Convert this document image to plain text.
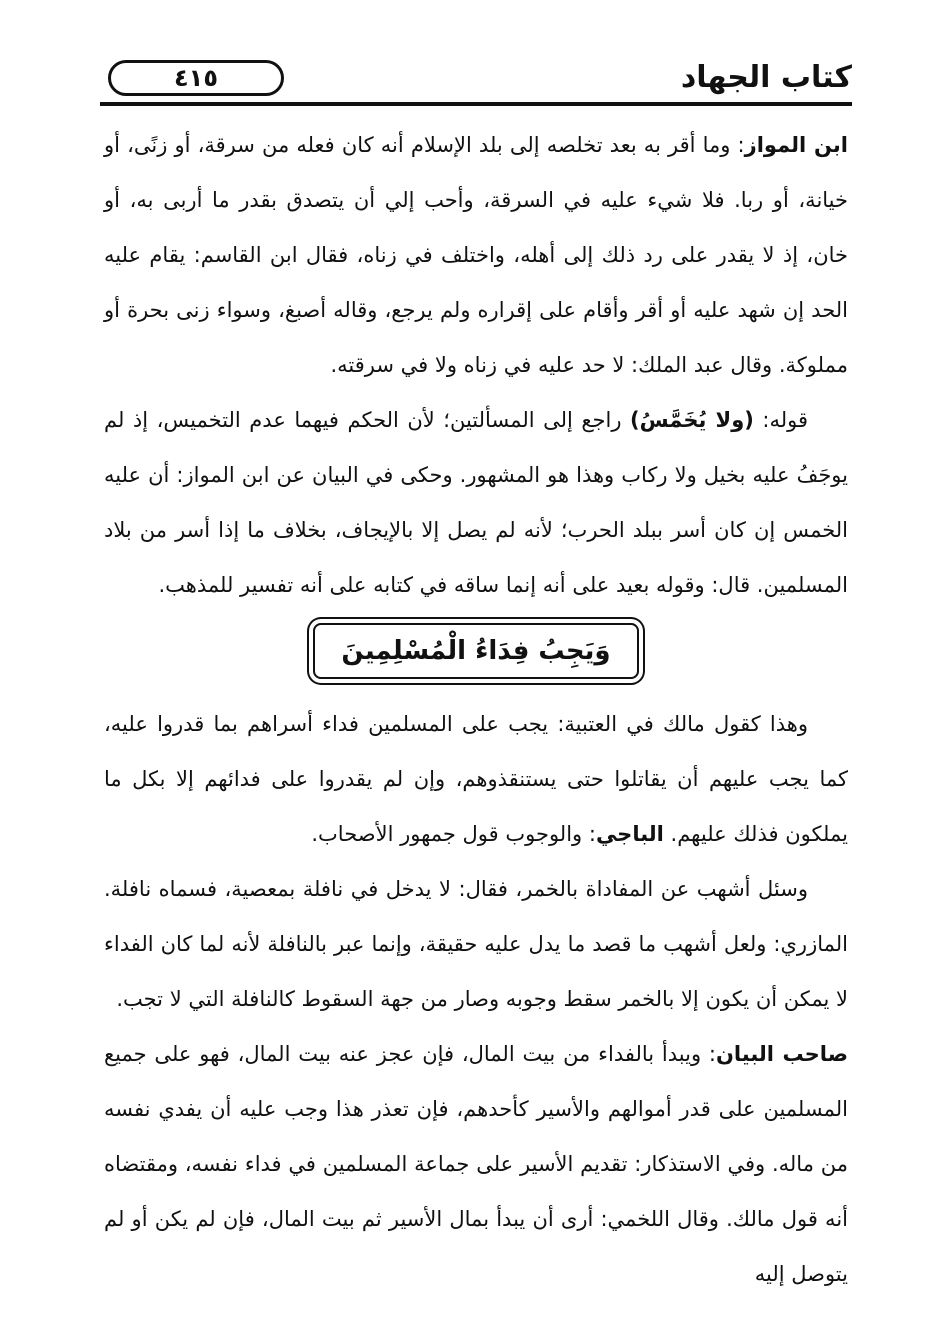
٤١٥	كتاب الجهاد

ابن المواز: وما أقر به بعد تخلصه إلى بلد الإسلام أنه كان فعله من سرقة، أو زنًى، أو خيانة، أو ربا. فلا شيء عليه في السرقة، وأحب إلي أن يتصدق بقدر ما أربى به، أو خان، إذ لا يقدر على رد ذلك إلى أهله، واختلف في زناه، فقال ابن القاسم: يقام عليه الحد إن شهد عليه أو أقر وأقام على إقراره ولم يرجع، وقاله أصبغ، وسواء زنى بحرة أو مملوكة. وقال عبد الملك: لا حد عليه في زناه ولا في سرقته.

قوله: (ولا يُخَمَّسُ) راجع إلى المسألتين؛ لأن الحكم فيهما عدم التخميس، إذ لم يوجَفُ عليه بخيل ولا ركاب وهذا هو المشهور. وحكى في البيان عن ابن المواز: أن عليه الخمس إن كان أسر ببلد الحرب؛ لأنه لم يصل إلا بالإيجاف، بخلاف ما إذا أسر من بلاد المسلمين. قال: وقوله بعيد على أنه إنما ساقه في كتابه على أنه تفسير للمذهب.

وَيَجِبُ فِدَاءُ الْمُسْلِمِينَ

وهذا كقول مالك في العتبية: يجب على المسلمين فداء أسراهم بما قدروا عليه، كما يجب عليهم أن يقاتلوا حتى يستنقذوهم، وإن لم يقدروا على فدائهم إلا بكل ما يملكون فذلك عليهم. الباجي: والوجوب قول جمهور الأصحاب.

وسئل أشهب عن المفاداة بالخمر، فقال: لا يدخل في نافلة بمعصية، فسماه نافلة. المازري: ولعل أشهب ما قصد ما يدل عليه حقيقة، وإنما عبر بالنافلة لأنه لما كان الفداء لا يمكن أن يكون إلا بالخمر سقط وجوبه وصار من جهة السقوط كالنافلة التي لا تجب.

صاحب البيان: ويبدأ بالفداء من بيت المال، فإن عجز عنه بيت المال، فهو على جميع المسلمين على قدر أموالهم والأسير كأحدهم، فإن تعذر هذا وجب عليه أن يفدي نفسه من ماله. وفي الاستذكار: تقديم الأسير على جماعة المسلمين في فداء نفسه، ومقتضاه أنه قول مالك. وقال اللخمي: أرى أن يبدأ بمال الأسير ثم بيت المال، فإن لم يكن أو لم يتوصل إليه
